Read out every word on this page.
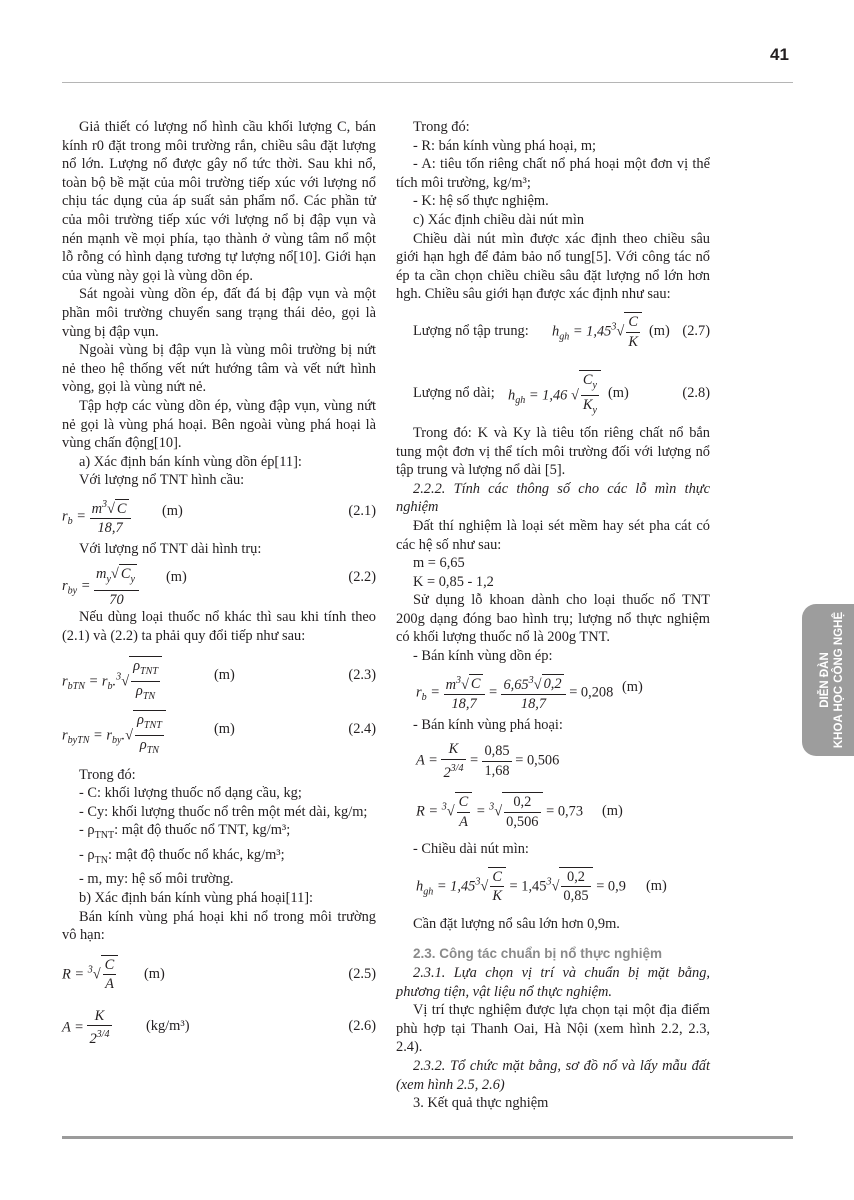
41

Giả thiết có lượng nổ hình cầu khối lượng C, bán kính r0 đặt trong môi trường rắn, chiều sâu đặt lượng nổ lớn. Lượng nổ được gây nổ tức thời. Sau khi nổ, toàn bộ bề mặt của môi trường tiếp xúc với lượng nổ chịu tác dụng của áp suất sản phẩm nổ. Các phần tử của môi trường tiếp xúc với lượng nổ bị đập vụn và nén mạnh về mọi phía, tạo thành ở vùng tâm nổ một lỗ rỗng có hình dạng tương tự lượng nổ[10]. Giới hạn của vùng này gọi là vùng dồn ép.

Sát ngoài vùng dồn ép, đất đá bị đập vụn và một phần môi trường chuyển sang trạng thái dẻo, gọi là vùng bị đập vụn.

Ngoài vùng bị đập vụn là vùng môi trường bị nứt nẻ theo hệ thống vết nứt hướng tâm và vết nứt hình vòng, gọi là vùng nứt nẻ.

Tập hợp các vùng dồn ép, vùng đập vụn, vùng nứt nẻ gọi là vùng phá hoại. Bên ngoài vùng phá hoại là vùng chấn động[10].

a) Xác định bán kính vùng dồn ép[11]:

Với lượng nổ TNT hình cầu:

$r_b = \frac{m^3√ C}{18,7} (m)$	(2.1)

Với lượng nổ TNT dài hình trụ:

$r_{by} = \frac{m_y√ C_y}{70} (m)$	(2.2)

Nếu dùng loại thuốc nổ khác thì sau khi tính theo (2.1) và (2.2) ta phải quy đổi tiếp như sau:

$r_{bTN} = r_b.^3√ \frac{\rho_{TNT}}{\rho_{TN}}$	(m)	(2.3)
$r_{byTN} = r_{by}.√ \frac{\rho_{TNT}}{\rho_{TN}}$	(m)	(2.4)

Trong đó:

- C: khối lượng thuốc nổ dạng cầu, kg;

- Cy: khối lượng thuốc nổ trên một mét dài, kg/m;

- $\rho_{TNT}$: mật độ thuốc nổ TNT, kg/m³;

- $\rho_{TN}$: mật độ thuốc nổ khác, kg/m³;

- m, my: hệ số môi trường.

b) Xác định bán kính vùng phá hoại[11]:

Bán kính vùng phá hoại khi nổ trong môi trường vô hạn:

$R = ^3√ \frac{C}{A} (m)$	(2.5)
$A = \frac{K}{2^{3/4}} (kg/m^3)$	(2.6)

Trong đó:

- R: bán kính vùng phá hoại, m;

- A: tiêu tốn riêng chất nổ phá hoại một đơn vị thể tích môi trường, kg/m³;

- K: hệ số thực nghiệm.

c) Xác định chiều dài nút mìn

Chiều dài nút mìn được xác định theo chiều sâu giới hạn hgh để đảm bảo nổ tung[5]. Với công tác nổ ép ta cần chọn chiều chiều sâu đặt lượng nổ lớn hơn hgh. Chiều sâu giới hạn được xác định như sau:

Lượng nổ tập trung: $h_{gh} = 1,45^3√ \frac{C}{K} (m)$ (2.7)
Lượng nổ dài; $h_{gh} = 1,46$ √ $\frac{C_y}{K_y} (m)$	(2.8)

Trong đó: K và Ky là tiêu tốn riêng chất nổ bắn tung một đơn vị thể tích môi trường đối với lượng nổ tập trung và lượng nổ dài [5].

2.2.2. Tính các thông số cho các lỗ mìn thực nghiệm

Đất thí nghiệm là loại sét mềm hay sét pha cát có các hệ số như sau:

m = 6,65

K = 0,85 - 1,2

Sử dụng lỗ khoan dành cho loại thuốc nổ TNT 200g dạng đóng bao hình trụ; lượng nổ thực nghiệm có khối lượng thuốc nổ là 200g TNT.

- Bán kính vùng dồn ép:

$r_b = \frac{m^3√ C}{18,7} = \frac{6,65^3√ 0,2}{18,7} = 0,208$ (m)

- Bán kính vùng phá hoại:

$A = \frac{K}{2^{3/4}} = \frac{0,85}{1,68} = 0,506$
$R = ^3√ \frac{C}{A} = ^3√ \frac{0,2}{0,506} = 0,73$ (m)

- Chiều dài nút mìn:

$h_{gh} = 1,45^3√ \frac{C}{K} = 1,45^3√ \frac{0,2}{0,85} = 0,9$ (m)

Cần đặt lượng nổ sâu lớn hơn 0,9m.

2.3. Công tác chuẩn bị nổ thực nghiệm

2.3.1. Lựa chọn vị trí và chuẩn bị mặt bằng, phương tiện, vật liệu nổ thực nghiệm.

Vị trí thực nghiệm được lựa chọn tại một địa điểm phù hợp tại Thanh Oai, Hà Nội (xem hình 2.2, 2.3, 2.4).

2.3.2. Tổ chức mặt bằng, sơ đồ nổ và lấy mẫu đất (xem hình 2.5, 2.6)

3. Kết quả thực nghiệm

DIỄN ĐÀN KHOA HỌC CÔNG NGHỆ
